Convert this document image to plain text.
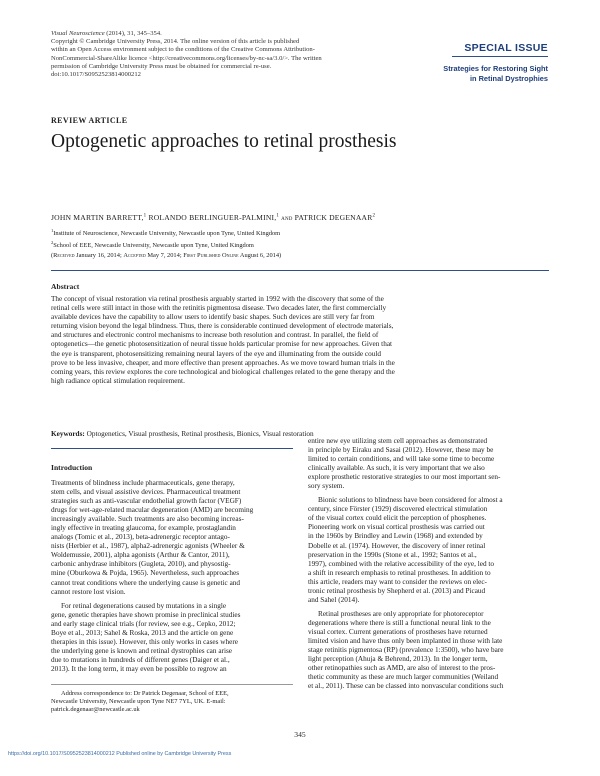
Visual Neuroscience (2014), 31, 345–354.
Copyright © Cambridge University Press, 2014. The online version of this article is published
within an Open Access environment subject to the conditions of the Creative Commons Attribution-
NonCommercial-ShareAlike licence <http://creativecommons.org/licenses/by-nc-sa/3.0/>. The written
permission of Cambridge University Press must be obtained for commercial re-use.
doi:10.1017/S0952523814000212
SPECIAL ISSUE
Strategies for Restoring Sight
in Retinal Dystrophies
REVIEW ARTICLE
Optogenetic approaches to retinal prosthesis
JOHN MARTIN BARRETT,$^1$ ROLANDO BERLINGUER-PALMINI,$^1$ and PATRICK DEGENAAR$^2$
$^1$Institute of Neuroscience, Newcastle University, Newcastle upon Tyne, United Kingdom
$^2$School of EEE, Newcastle University, Newcastle upon Tyne, United Kingdom
(Received January 16, 2014; Accepted May 7, 2014; First Published Online August 6, 2014)
Abstract
The concept of visual restoration via retinal prosthesis arguably started in 1992 with the discovery that some of the
retinal cells were still intact in those with the retinitis pigmentosa disease. Two decades later, the first commercially
available devices have the capability to allow users to identify basic shapes. Such devices are still very far from
returning vision beyond the legal blindness. Thus, there is considerable continued development of electrode materials,
and structures and electronic control mechanisms to increase both resolution and contrast. In parallel, the field of
optogenetics—the genetic photosensitization of neural tissue holds particular promise for new approaches. Given that
the eye is transparent, photosensitizing remaining neural layers of the eye and illuminating from the outside could
prove to be less invasive, cheaper, and more effective than present approaches. As we move toward human trials in the
coming years, this review explores the core technological and biological challenges related to the gene therapy and the
high radiance optical stimulation requirement.
Keywords: Optogenetics, Visual prosthesis, Retinal prosthesis, Bionics, Visual restoration
Introduction
Treatments of blindness include pharmaceuticals, gene therapy,
stem cells, and visual assistive devices. Pharmaceutical treatment
strategies such as anti-vascular endothelial growth factor (VEGF)
drugs for wet-age-related macular degeneration (AMD) are becoming
increasingly available. Such treatments are also becoming increas-
ingly effective in treating glaucoma, for example, prostaglandin
analogs (Tomic et al., 2013), beta-adrenergic receptor antago-
nists (Herbier et al., 1987), alpha2-adrenergic agonists (Wheeler &
Woldemussie, 2001), alpha agonists (Arthur & Cantor, 2011),
carbonic anhydrase inhibitors (Gugleta, 2010), and physostig-
mine (Oburkowa & Pojda, 1965). Nevertheless, such approaches
cannot treat conditions where the underlying cause is genetic and
cannot restore lost vision.
For retinal degenerations caused by mutations in a single
gene, genetic therapies have shown promise in preclinical studies
and early stage clinical trials (for review, see e.g., Cepko, 2012;
Boye et al., 2013; Sahel & Roska, 2013 and the article on gene
therapies in this issue). However, this only works in cases where
the underlying gene is known and retinal dystrophies can arise
due to mutations in hundreds of different genes (Daiger et al.,
2013). It the long term, it may even be possible to regrow an
entire new eye utilizing stem cell approaches as demonstrated
in principle by Eiraku and Sasai (2012). However, these may be
limited to certain conditions, and will take some time to become
clinically available. As such, it is very important that we also
explore prosthetic restorative strategies to our most important sen-
sory system.
Bionic solutions to blindness have been considered for almost a
century, since Förster (1929) discovered electrical stimulation
of the visual cortex could elicit the perception of phosphenes.
Pioneering work on visual cortical prosthesis was carried out
in the 1960s by Brindley and Lewin (1968) and extended by
Dobelle et al. (1974). However, the discovery of inner retinal
preservation in the 1990s (Stone et al., 1992; Santos et al.,
1997), combined with the relative accessibility of the eye, led to
a shift in research emphasis to retinal prostheses. In addition to
this article, readers may want to consider the reviews on elec-
tronic retinal prosthesis by Shepherd et al. (2013) and Picaud
and Sahel (2014).
Retinal prostheses are only appropriate for photoreceptor
degenerations where there is still a functional neural link to the
visual cortex. Current generations of prostheses have returned
limited vision and have thus only been implanted in those with late
stage retinitis pigmentosa (RP) (prevalence 1:3500), who have bare
light perception (Ahuja & Behrend, 2013). In the longer term,
other retinopathies such as AMD, are also of interest to the pros-
thetic community as these are much larger communities (Weiland
et al., 2011). These can be classed into nonvascular conditions such
Address correspondence to: Dr Patrick Degenaar, School of EEE,
Newcastle University, Newcastle upon Tyne NE7 7YL, UK. E-mail:
patrick.degenaar@newcastle.ac.uk
345
https://doi.org/10.1017/S0952523814000212 Published online by Cambridge University Press
